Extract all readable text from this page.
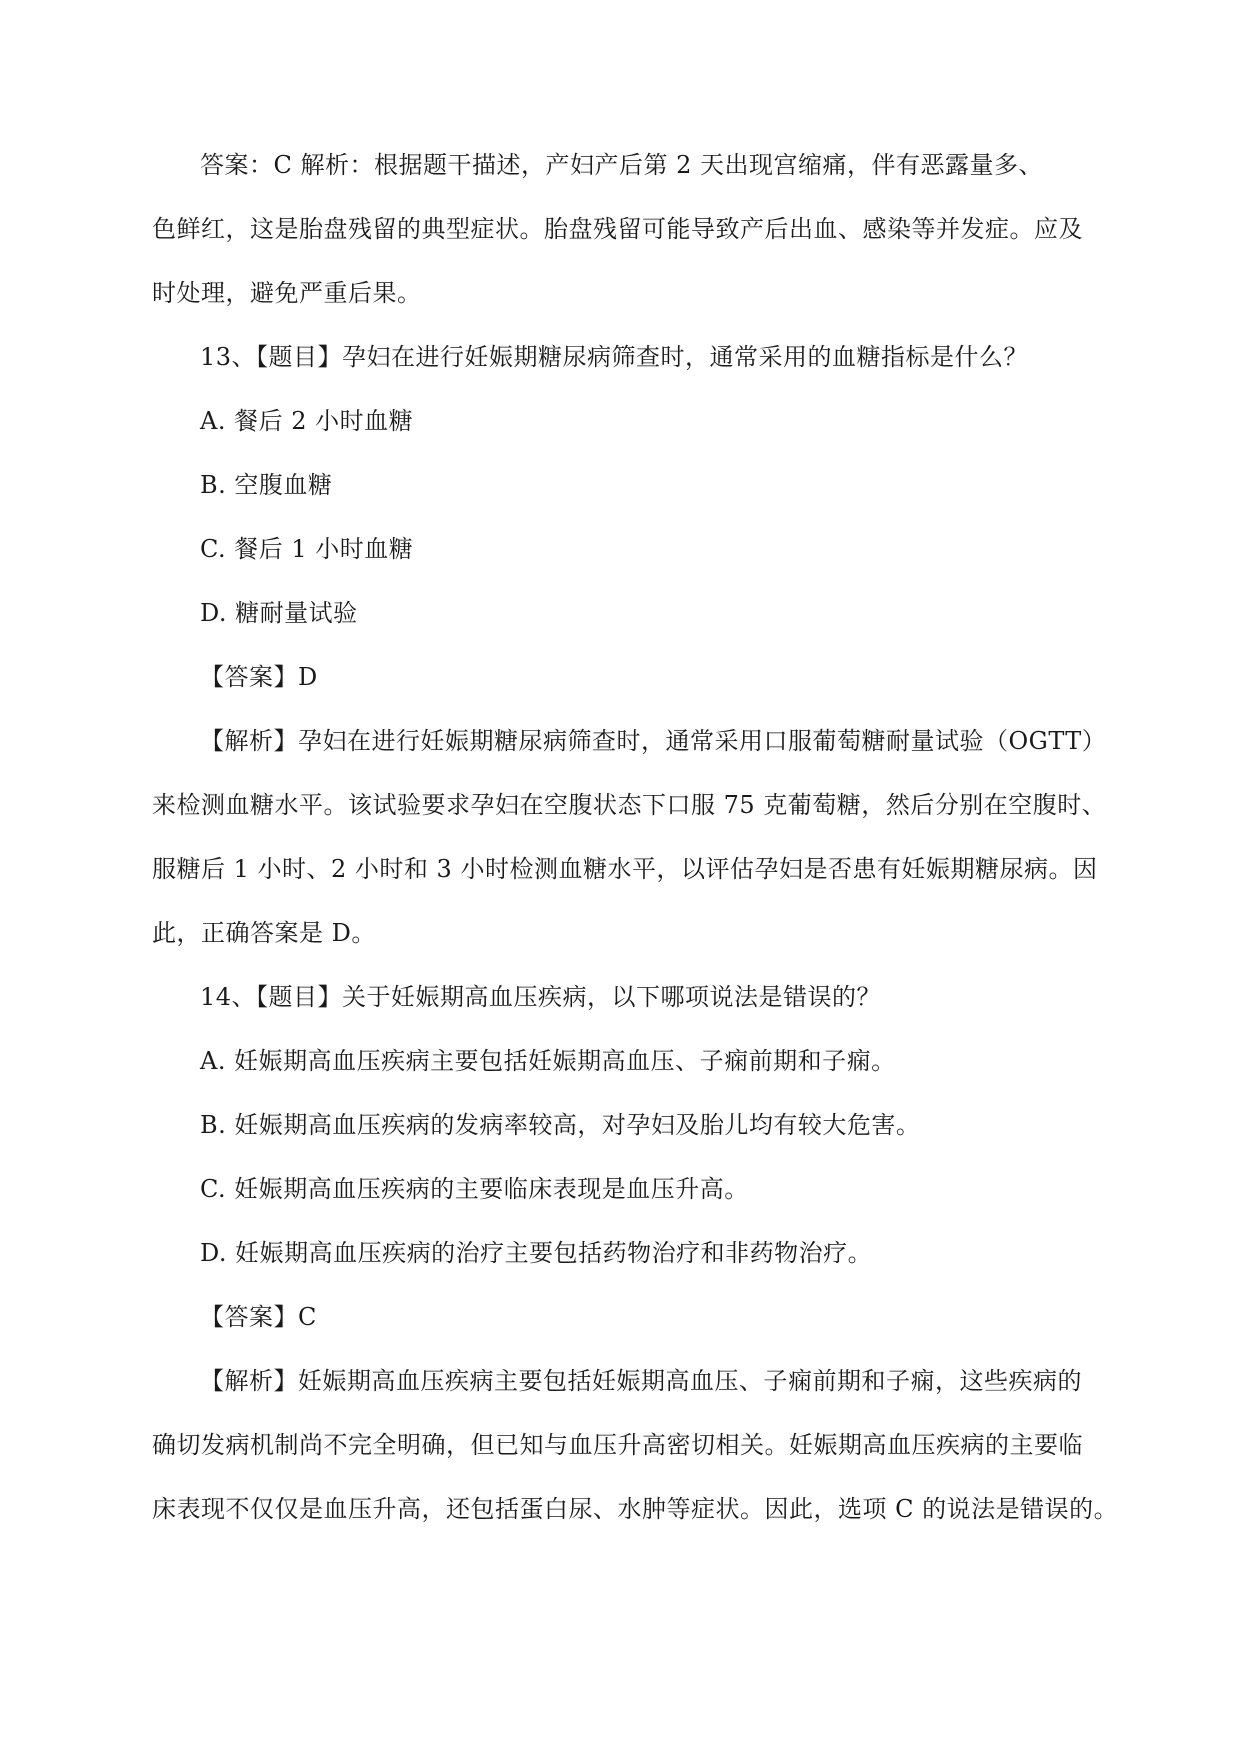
答案：C 解析：根据题干描述，产妇产后第 2 天出现宫缩痛，伴有恶露量多、
色鲜红，这是胎盘残留的典型症状。胎盘残留可能导致产后出血、感染等并发症。应及
时处理，避免严重后果。
13、【题目】孕妇在进行妊娠期糖尿病筛查时，通常采用的血糖指标是什么？
A. 餐后 2 小时血糖
B. 空腹血糖
C. 餐后 1 小时血糖
D. 糖耐量试验
【答案】D
【解析】孕妇在进行妊娠期糖尿病筛查时，通常采用口服葡萄糖耐量试验（OGTT）
来检测血糖水平。该试验要求孕妇在空腹状态下口服 75 克葡萄糖，然后分别在空腹时、
服糖后 1 小时、2 小时和 3 小时检测血糖水平，以评估孕妇是否患有妊娠期糖尿病。因
此，正确答案是 D。
14、【题目】关于妊娠期高血压疾病，以下哪项说法是错误的？
A. 妊娠期高血压疾病主要包括妊娠期高血压、子痫前期和子痫。
B. 妊娠期高血压疾病的发病率较高，对孕妇及胎儿均有较大危害。
C. 妊娠期高血压疾病的主要临床表现是血压升高。
D. 妊娠期高血压疾病的治疗主要包括药物治疗和非药物治疗。
【答案】C
【解析】妊娠期高血压疾病主要包括妊娠期高血压、子痫前期和子痫，这些疾病的
确切发病机制尚不完全明确，但已知与血压升高密切相关。妊娠期高血压疾病的主要临
床表现不仅仅是血压升高，还包括蛋白尿、水肿等症状。因此，选项 C 的说法是错误的。
